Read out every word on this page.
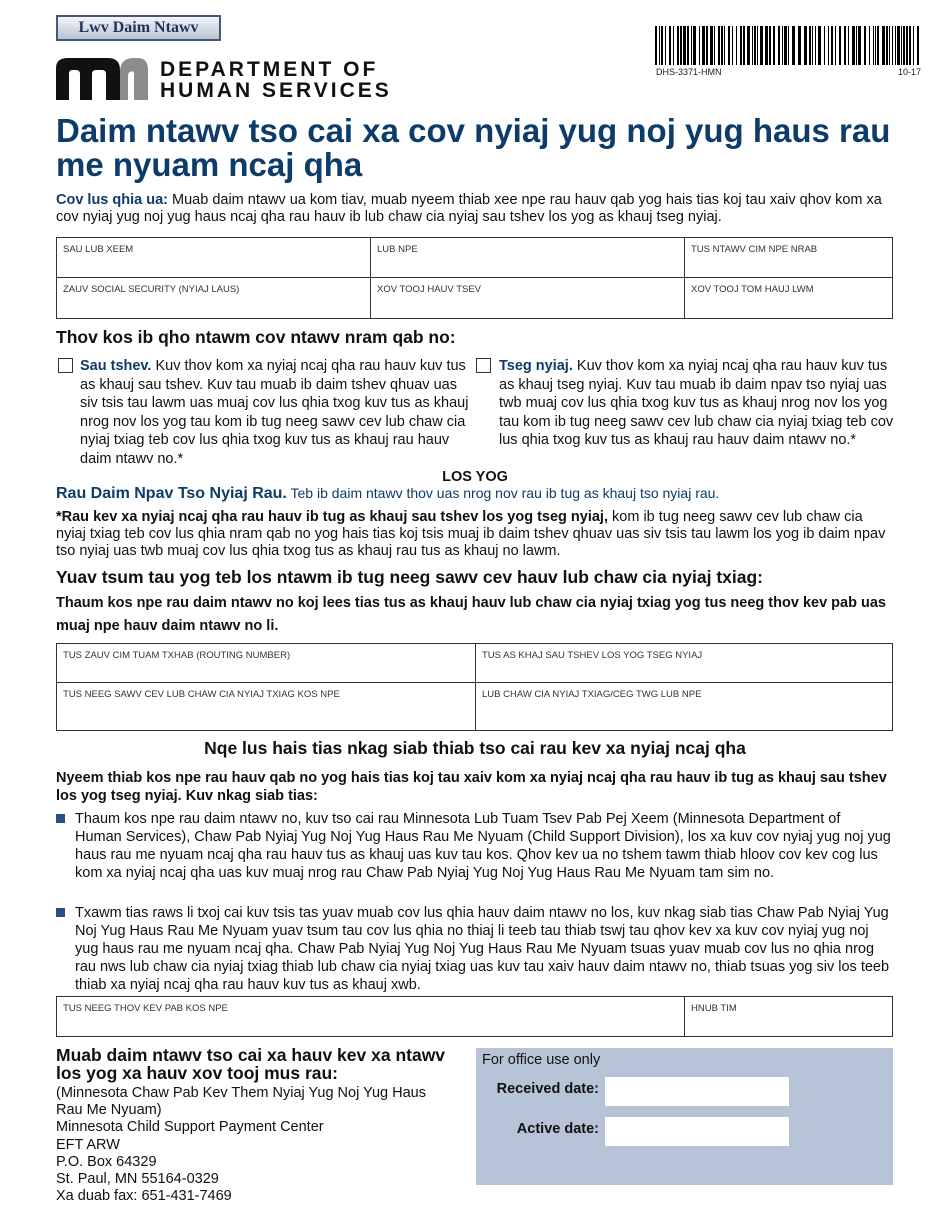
Lwv Daim Ntawv
DEPARTMENT OF
HUMAN SERVICES
DHS-3371-HMN	10-17
Daim ntawv tso cai xa cov nyiaj yug noj yug haus rau me nyuam ncaj qha

Cov lus qhia ua: Muab daim ntawv ua kom tiav, muab nyeem thiab xee npe rau hauv qab yog hais tias koj tau xaiv qhov kom xa cov nyiaj yug noj yug haus ncaj qha rau hauv ib lub chaw cia nyiaj sau tshev los yog as khauj tseg nyiaj.

SAU LUB XEEM	LUB NPE	TUS NTAWV CIM NPE NRAB
ZAUV SOCIAL SECURITY (NYIAJ LAUS)	XOV TOOJ HAUV TSEV	XOV TOOJ TOM HAUJ LWM
Thov kos ib qho ntawm cov ntawv nram qab no:

Sau tshev. Kuv thov kom xa nyiaj ncaj qha rau hauv kuv tus as khauj sau tshev. Kuv tau muab ib daim tshev qhuav uas siv tsis tau lawm uas muaj cov lus qhia txog kuv tus as khauj nrog nov los yog tau kom ib tug neeg sawv cev lub chaw cia nyiaj txiag teb cov lus qhia txog kuv tus as khauj rau hauv daim ntawv no.*

Tseg nyiaj. Kuv thov kom xa nyiaj ncaj qha rau hauv kuv tus as khauj tseg nyiaj. Kuv tau muab ib daim npav tso nyiaj uas twb muaj cov lus qhia txog kuv tus as khauj nrog nov los yog tau kom ib tug neeg sawv cev lub chaw cia nyiaj txiag teb cov lus qhia txog kuv tus as khauj rau hauv daim ntawv no.*

LOS YOG

Rau Daim Npav Tso Nyiaj Rau. Teb ib daim ntawv thov uas nrog nov rau ib tug as khauj tso nyiaj rau.

*Rau kev xa nyiaj ncaj qha rau hauv ib tug as khauj sau tshev los yog tseg nyiaj, kom ib tug neeg sawv cev lub chaw cia nyiaj txiag teb cov lus qhia nram qab no yog hais tias koj tsis muaj ib daim tshev qhuav uas siv tsis tau lawm los yog ib daim npav tso nyiaj uas twb muaj cov lus qhia txog tus as khauj rau tus as khauj no lawm.

Yuav tsum tau yog teb los ntawm ib tug neeg sawv cev hauv lub chaw cia nyiaj txiag:

Thaum kos npe rau daim ntawv no koj lees tias tus as khauj hauv lub chaw cia nyiaj txiag yog tus neeg thov kev pab uas muaj npe hauv daim ntawv no li.

TUS ZAUV CIM TUAM TXHAB (ROUTING NUMBER)	TUS AS KHAJ SAU TSHEV LOS YOG TSEG NYIAJ
TUS NEEG SAWV CEV LUB CHAW CIA NYIAJ TXIAG KOS NPE	LUB CHAW CIA NYIAJ TXIAG/CEG TWG LUB NPE
Nqe lus hais tias nkag siab thiab tso cai rau kev xa nyiaj ncaj qha

Nyeem thiab kos npe rau hauv qab no yog hais tias koj tau xaiv kom xa nyiaj ncaj qha rau hauv ib tug as khauj sau tshev los yog tseg nyiaj. Kuv nkag siab tias:

Thaum kos npe rau daim ntawv no, kuv tso cai rau Minnesota Lub Tuam Tsev Pab Pej Xeem (Minnesota Department of Human Services), Chaw Pab Nyiaj Yug Noj Yug Haus Rau Me Nyuam (Child Support Division), los xa kuv cov nyiaj yug noj yug haus rau me nyuam ncaj qha rau hauv tus as khauj uas kuv tau kos. Qhov kev ua no tshem tawm thiab hloov cov kev cog lus kom xa nyiaj ncaj qha uas kuv muaj nrog rau Chaw Pab Nyiaj Yug Noj Yug Haus Rau Me Nyuam tam sim no.

Txawm tias raws li txoj cai kuv tsis tas yuav muab cov lus qhia hauv daim ntawv no los, kuv nkag siab tias Chaw Pab Nyiaj Yug Noj Yug Haus Rau Me Nyuam yuav tsum tau cov lus qhia no thiaj li teeb tau thiab tswj tau qhov kev xa kuv cov nyiaj yug noj yug haus rau me nyuam ncaj qha. Chaw Pab Nyiaj Yug Noj Yug Haus Rau Me Nyuam tsuas yuav muab cov lus no qhia nrog rau nws lub chaw cia nyiaj txiag thiab lub chaw cia nyiaj txiag uas kuv tau xaiv hauv daim ntawv no, thiab tsuas yog siv los teeb thiab xa nyiaj ncaj qha rau hauv kuv tus as khauj xwb.

TUS NEEG THOV KEV PAB KOS NPE	HNUB TIM
Muab daim ntawv tso cai xa hauv kev xa ntawv los yog xa hauv xov tooj mus rau:
(Minnesota Chaw Pab Kev Them Nyiaj Yug Noj Yug Haus
Rau Me Nyuam)
Minnesota Child Support Payment Center
EFT ARW
P.O. Box 64329
St. Paul, MN 55164-0329
Xa duab fax: 651-431-7469
For office use only
Received date:
Active date:
